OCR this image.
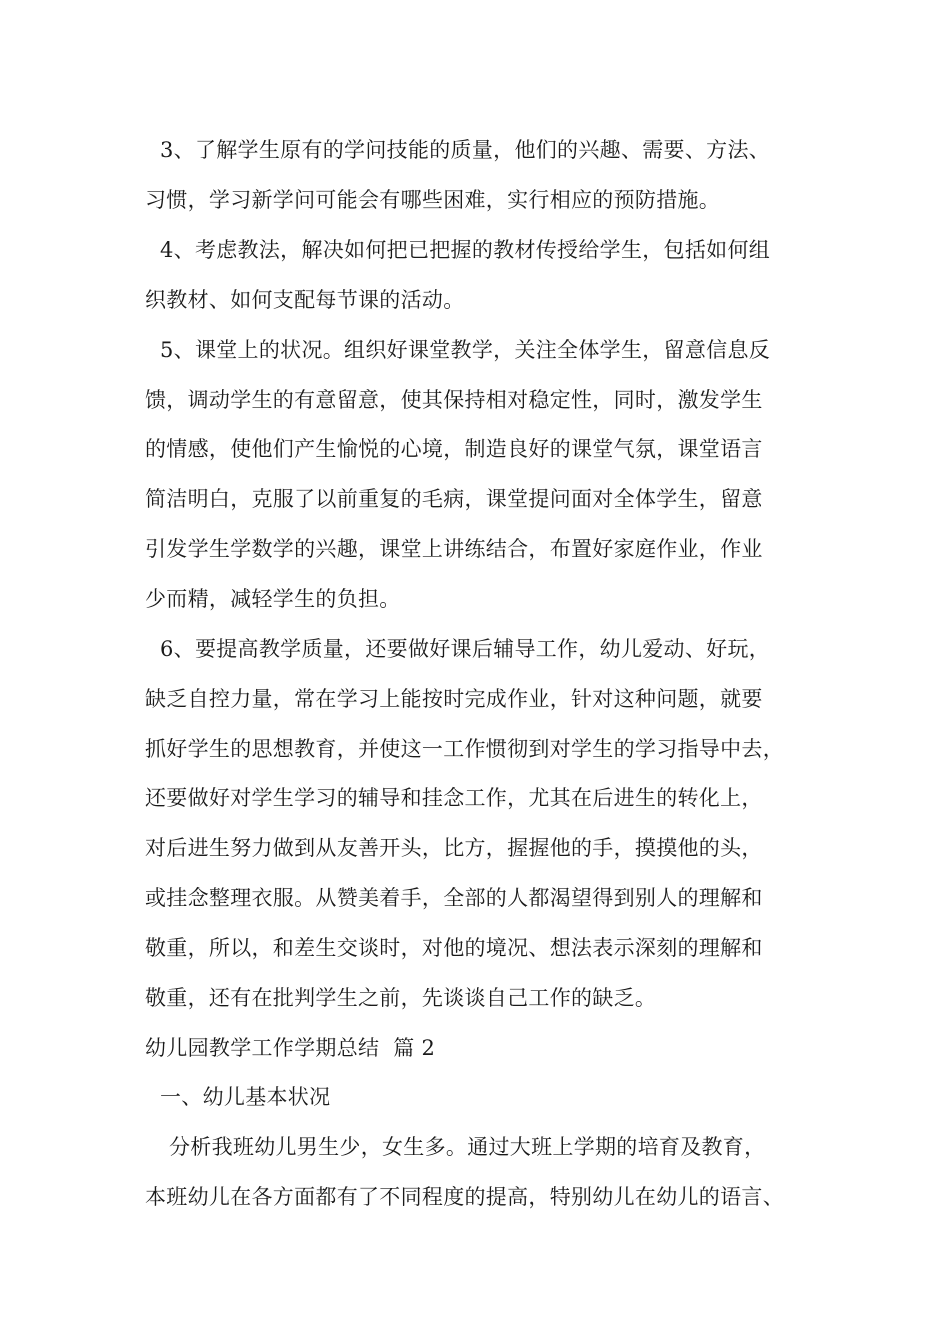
3、了解学生原有的学问技能的质量，他们的兴趣、需要、方法、
习惯，学习新学问可能会有哪些困难，实行相应的预防措施。
4、考虑教法，解决如何把已把握的教材传授给学生，包括如何组
织教材、如何支配每节课的活动。
5、课堂上的状况。组织好课堂教学，关注全体学生，留意信息反
馈，调动学生的有意留意，使其保持相对稳定性，同时，激发学生
的情感，使他们产生愉悦的心境，制造良好的课堂气氛，课堂语言
简洁明白，克服了以前重复的毛病，课堂提问面对全体学生，留意
引发学生学数学的兴趣，课堂上讲练结合，布置好家庭作业，作业
少而精，减轻学生的负担。
6、要提高教学质量，还要做好课后辅导工作，幼儿爱动、好玩，
缺乏自控力量，常在学习上能按时完成作业，针对这种问题，就要
抓好学生的思想教育，并使这一工作惯彻到对学生的学习指导中去，
还要做好对学生学习的辅导和挂念工作，尤其在后进生的转化上，
对后进生努力做到从友善开头，比方，握握他的手，摸摸他的头，
或挂念整理衣服。从赞美着手，全部的人都渴望得到别人的理解和
敬重，所以，和差生交谈时，对他的境况、想法表示深刻的理解和
敬重，还有在批判学生之前，先谈谈自己工作的缺乏。
幼儿园教学工作学期总结  篇 2
一、幼儿基本状况
分析我班幼儿男生少，女生多。通过大班上学期的培育及教育，
本班幼儿在各方面都有了不同程度的提高，特别幼儿在幼儿的语言、
